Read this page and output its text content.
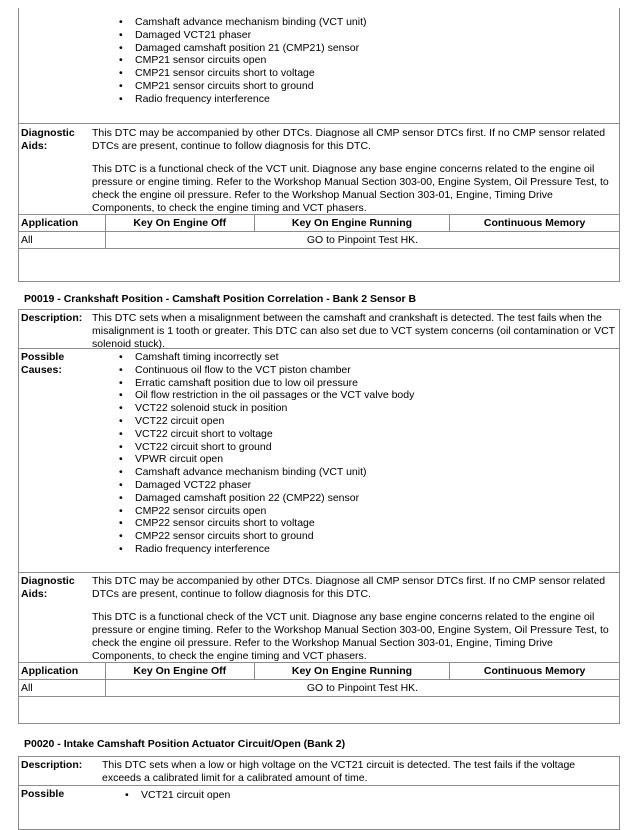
• Camshaft advance mechanism binding (VCT unit)
• Damaged VCT21 phaser
• Damaged camshaft position 21 (CMP21) sensor
• CMP21 sensor circuits open
• CMP21 sensor circuits short to voltage
• CMP21 sensor circuits short to ground
• Radio frequency interference
Diagnostic
Aids:
This DTC may be accompanied by other DTCs. Diagnose all CMP sensor DTCs first. If no CMP sensor related DTCs are present, continue to follow diagnosis for this DTC.
This DTC is a functional check of the VCT unit. Diagnose any base engine concerns related to the engine oil pressure or engine timing. Refer to the Workshop Manual Section 303-00, Engine System, Oil Pressure Test, to check the engine oil pressure. Refer to the Workshop Manual Section 303-01, Engine, Timing Drive Components, to check the engine timing and VCT phasers.
Application	Key On Engine Off	Key On Engine Running	Continuous Memory
All	GO to Pinpoint Test HK.		
P0019 - Crankshaft Position - Camshaft Position Correlation - Bank 2 Sensor B
Description: This DTC sets when a misalignment between the camshaft and crankshaft is detected. The test fails when the misalignment is 1 tooth or greater. This DTC can also set due to VCT system concerns (oil contamination or VCT solenoid stuck).
Possible
Causes:
• Camshaft timing incorrectly set
• Continuous oil flow to the VCT piston chamber
• Erratic camshaft position due to low oil pressure
• Oil flow restriction in the oil passages or the VCT valve body
• VCT22 solenoid stuck in position
• VCT22 circuit open
• VCT22 circuit short to voltage
• VCT22 circuit short to ground
• VPWR circuit open
• Camshaft advance mechanism binding (VCT unit)
• Damaged VCT22 phaser
• Damaged camshaft position 22 (CMP22) sensor
• CMP22 sensor circuits open
• CMP22 sensor circuits short to voltage
• CMP22 sensor circuits short to ground
• Radio frequency interference
Diagnostic
Aids:
This DTC may be accompanied by other DTCs. Diagnose all CMP sensor DTCs first. If no CMP sensor related DTCs are present, continue to follow diagnosis for this DTC.
This DTC is a functional check of the VCT unit. Diagnose any base engine concerns related to the engine oil pressure or engine timing. Refer to the Workshop Manual Section 303-00, Engine System, Oil Pressure Test, to check the engine oil pressure. Refer to the Workshop Manual Section 303-01, Engine, Timing Drive Components, to check the engine timing and VCT phasers.
Application	Key On Engine Off	Key On Engine Running	Continuous Memory
All	GO to Pinpoint Test HK.		
P0020 - Intake Camshaft Position Actuator Circuit/Open (Bank 2)
Description: This DTC sets when a low or high voltage on the VCT21 circuit is detected. The test fails if the voltage exceeds a calibrated limit for a calibrated amount of time.
Possible	• VCT21 circuit open
